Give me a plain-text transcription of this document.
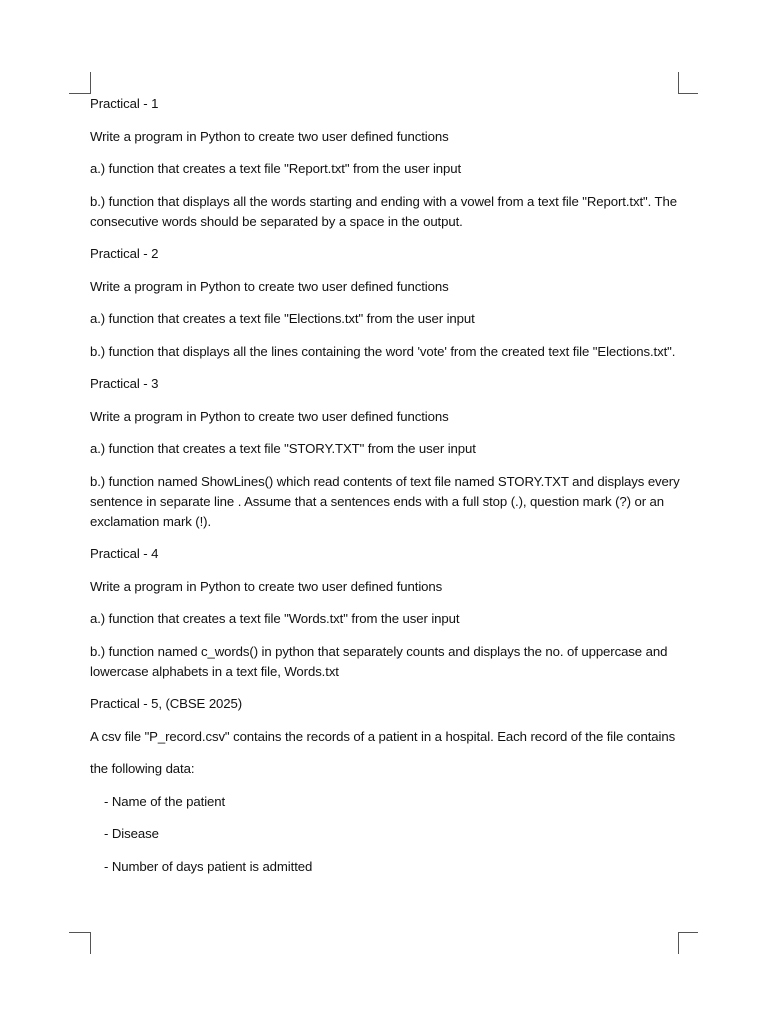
Practical - 1

Write a program in Python to create two user defined functions

a.) function that creates a text file "Report.txt" from the user input

b.) function that displays all the words starting and ending with a vowel from a text file "Report.txt". The consecutive words should be separated by a space in the output.

Practical - 2

Write a program in Python to create two user defined functions

a.) function that creates a text file "Elections.txt" from the user input

b.) function that displays all the lines containing the word 'vote' from the created text file "Elections.txt".

Practical - 3

Write a program in Python to create two user defined functions

a.) function that creates a text file "STORY.TXT" from the user input

b.) function named ShowLines() which read contents of text file named STORY.TXT and displays every sentence in separate line . Assume that a sentences ends with a full stop (.), question mark (?) or an exclamation mark (!).

Practical - 4

Write a program in Python to create two user defined funtions

a.) function that creates a text file "Words.txt" from the user input

b.) function named c_words() in python that separately counts and displays the no. of uppercase and lowercase alphabets in a text file, Words.txt

Practical - 5, (CBSE 2025)

A csv file "P_record.csv" contains the records of a patient in a hospital. Each record of the file contains

the following data:

- Name of the patient

- Disease

- Number of days patient is admitted
